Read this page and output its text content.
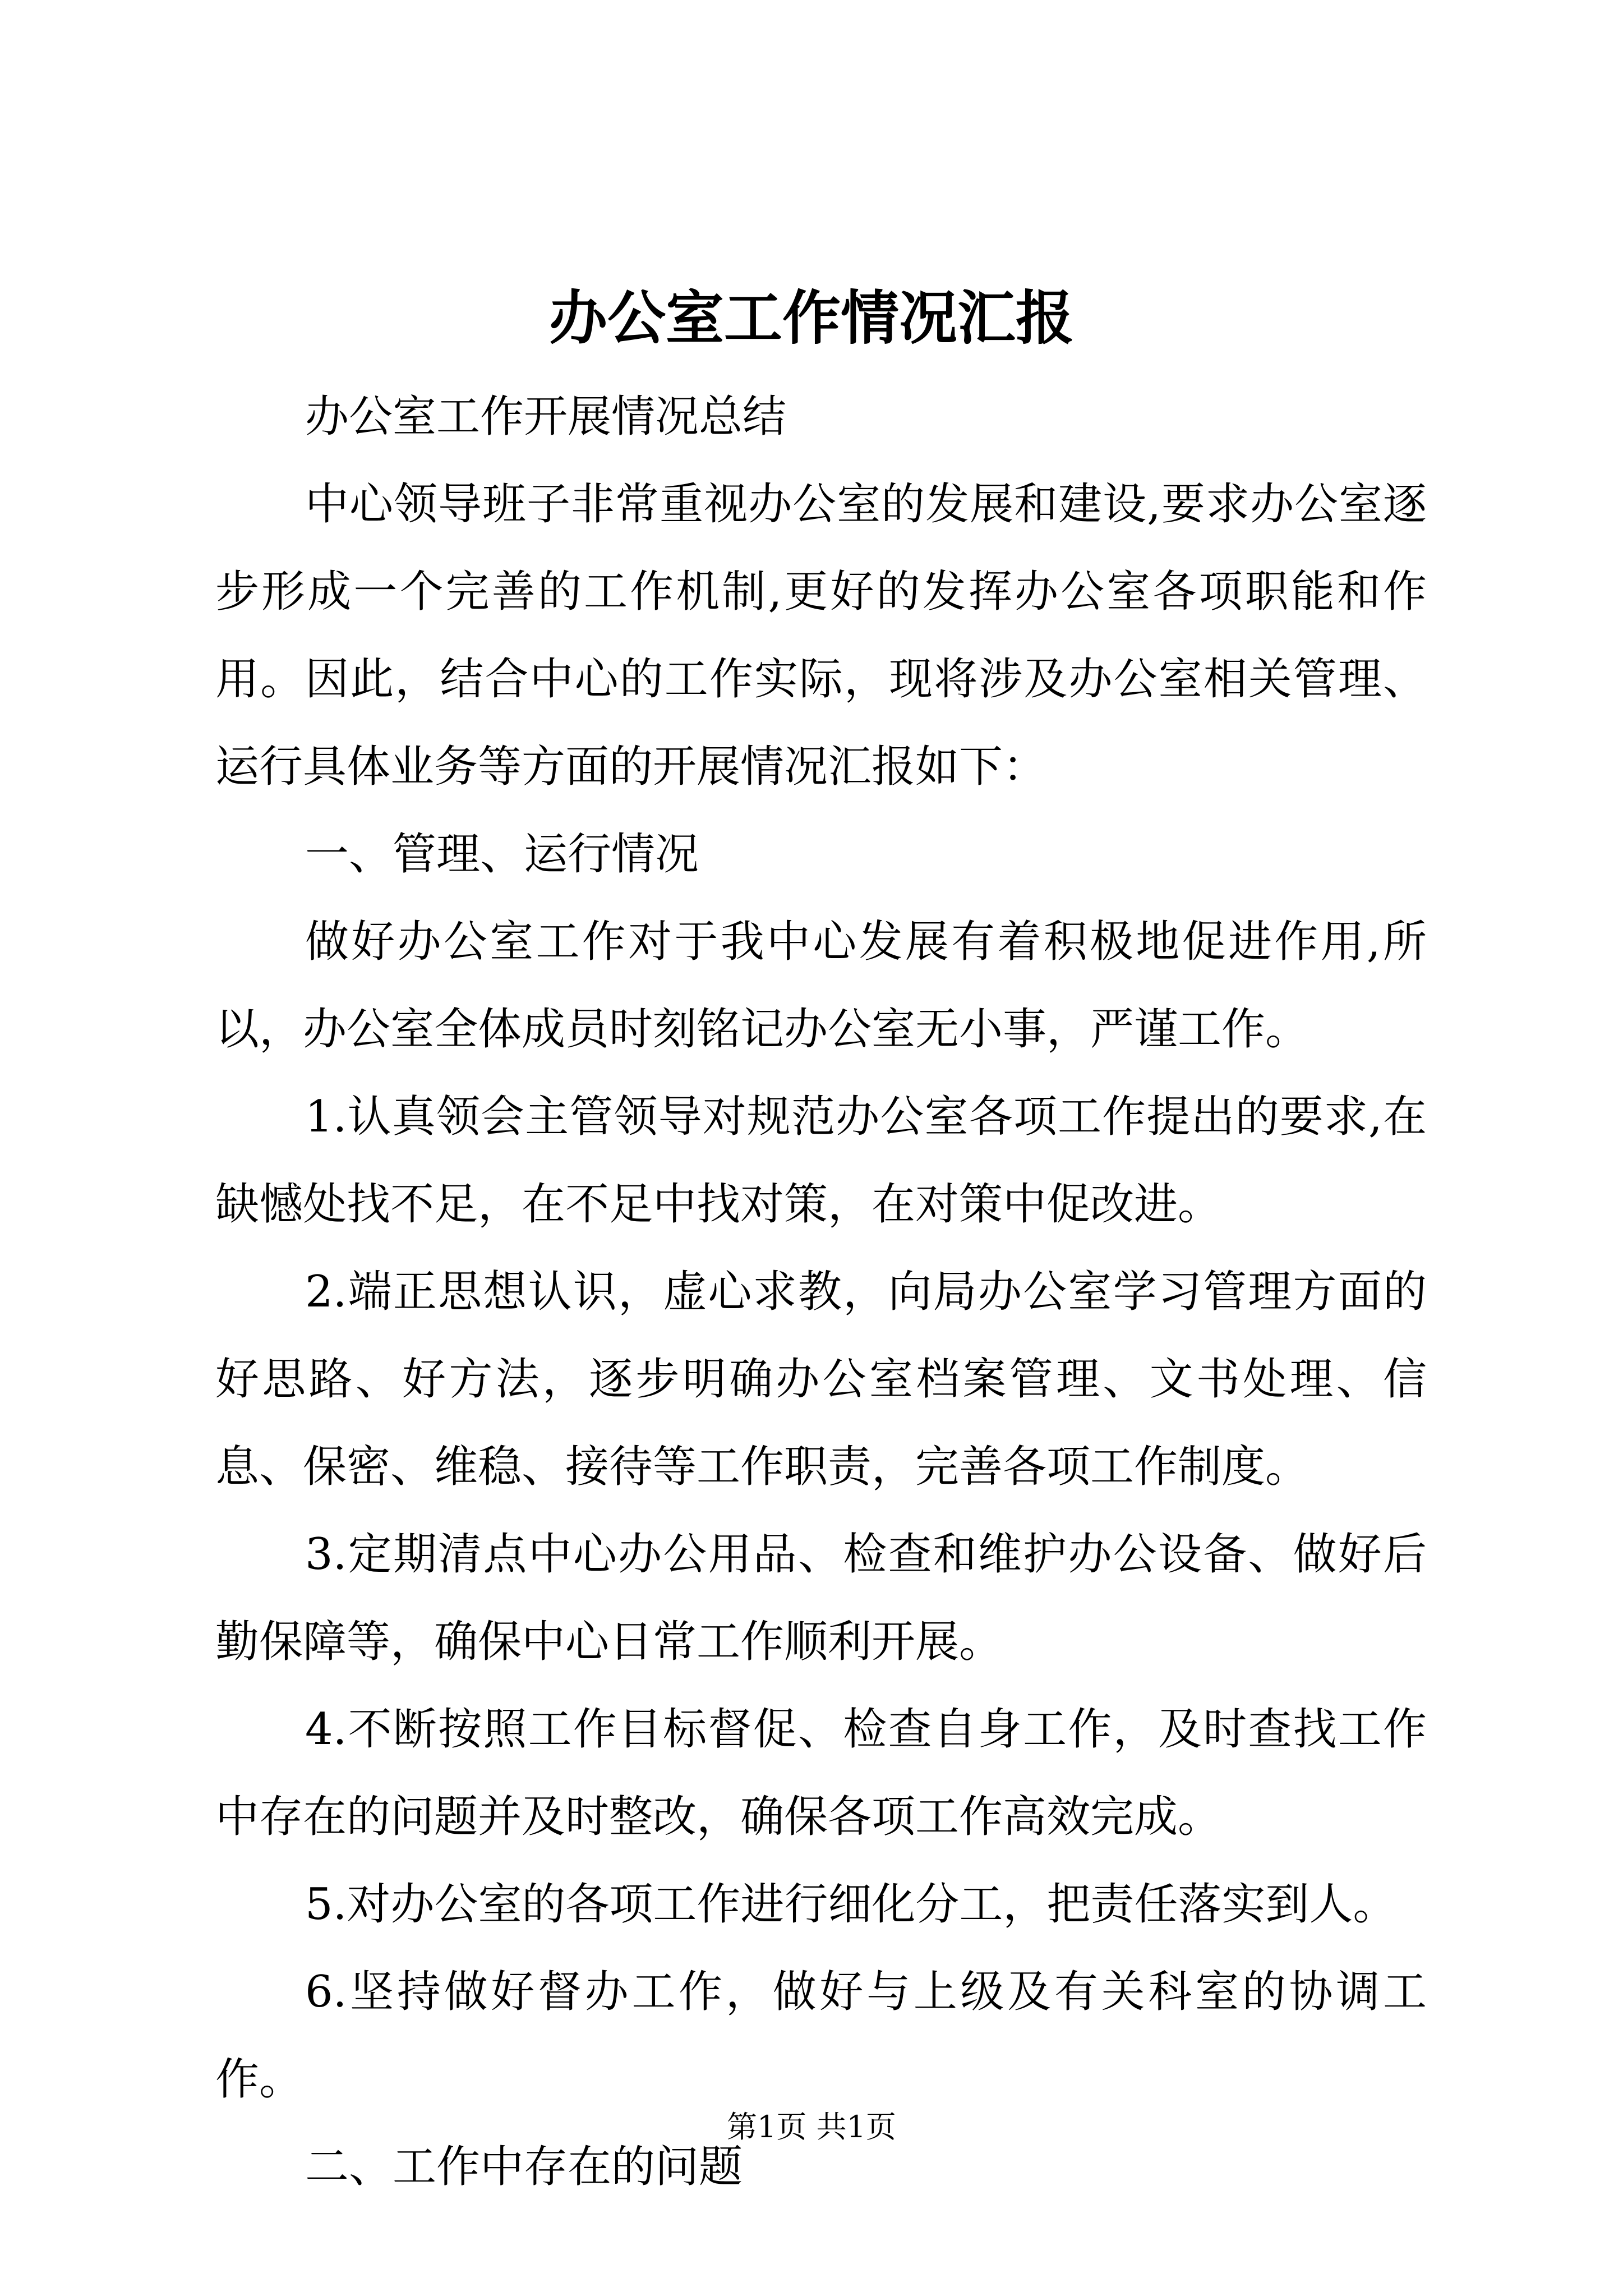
办公室工作情况汇报

办公室工作开展情况总结

中心领导班子非常重视办公室的发展和建设,要求办公室逐步形成一个完善的工作机制,更好的发挥办公室各项职能和作用。因此，结合中心的工作实际，现将涉及办公室相关管理、运行具体业务等方面的开展情况汇报如下：

一、管理、运行情况

做好办公室工作对于我中心发展有着积极地促进作用,所以，办公室全体成员时刻铭记办公室无小事，严谨工作。

1.认真领会主管领导对规范办公室各项工作提出的要求,在缺憾处找不足，在不足中找对策，在对策中促改进。

2.端正思想认识，虚心求教，向局办公室学习管理方面的好思路、好方法，逐步明确办公室档案管理、文书处理、信息、保密、维稳、接待等工作职责，完善各项工作制度。

3.定期清点中心办公用品、检查和维护办公设备、做好后勤保障等，确保中心日常工作顺利开展。

4.不断按照工作目标督促、检查自身工作，及时查找工作中存在的问题并及时整改，确保各项工作高效完成。

5.对办公室的各项工作进行细化分工，把责任落实到人。

6.坚持做好督办工作，做好与上级及有关科室的协调工作。

二、工作中存在的问题

第1页 共1页
